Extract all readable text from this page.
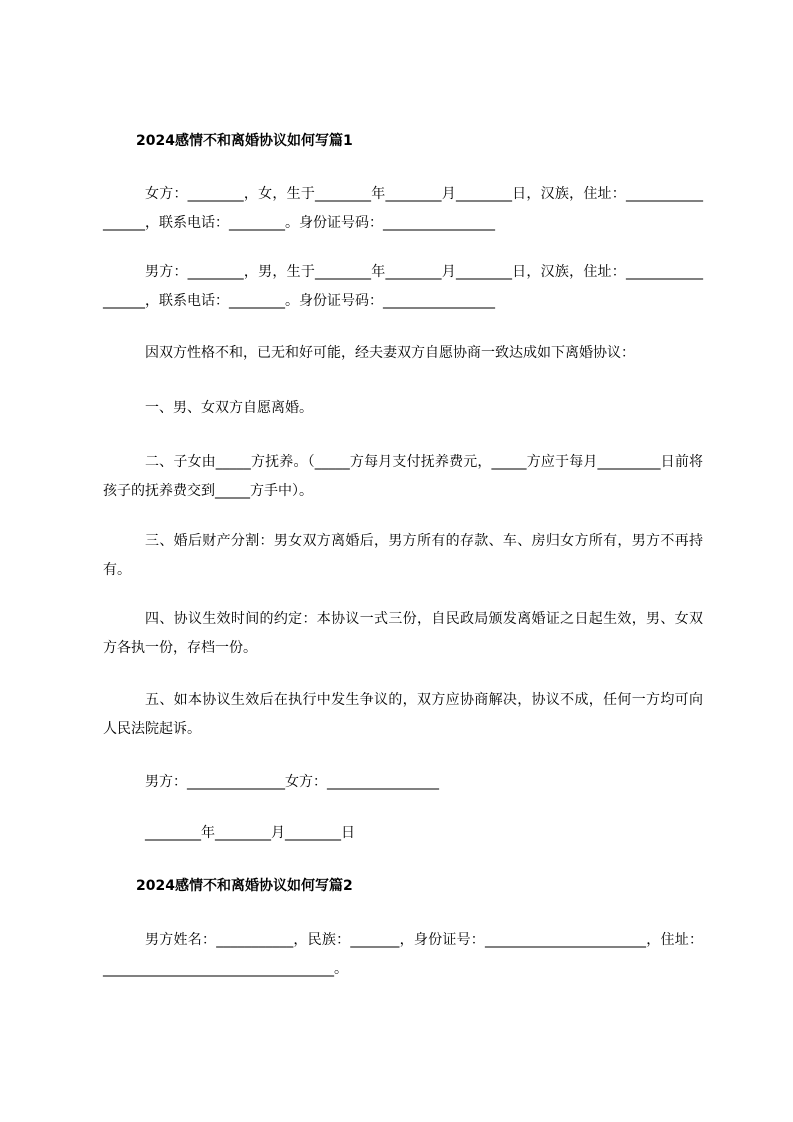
2024感情不和离婚协议如何写篇1
女方：________，女，生于________年________月________日，汉族，住址：_________________，联系电话：________。身份证号码：________________
男方：________，男，生于________年________月________日，汉族，住址：_________________，联系电话：________。身份证号码：________________
因双方性格不和，已无和好可能，经夫妻双方自愿协商一致达成如下离婚协议：
一、男、女双方自愿离婚。
二、子女由_____方抚养。（_____方每月支付抚养费元，_____方应于每月_________日前将孩子的抚养费交到_____方手中）。
三、婚后财产分割：男女双方离婚后，男方所有的存款、车、房归女方所有，男方不再持有。
四、协议生效时间的约定：本协议一式三份，自民政局颁发离婚证之日起生效，男、女双方各执一份，存档一份。
五、如本协议生效后在执行中发生争议的，双方应协商解决，协议不成，任何一方均可向人民法院起诉。
男方：______________女方：________________
________年________月________日
2024感情不和离婚协议如何写篇2
男方姓名：___________，民族：_______，身份证号：_______________________，住址：_________________________________。
